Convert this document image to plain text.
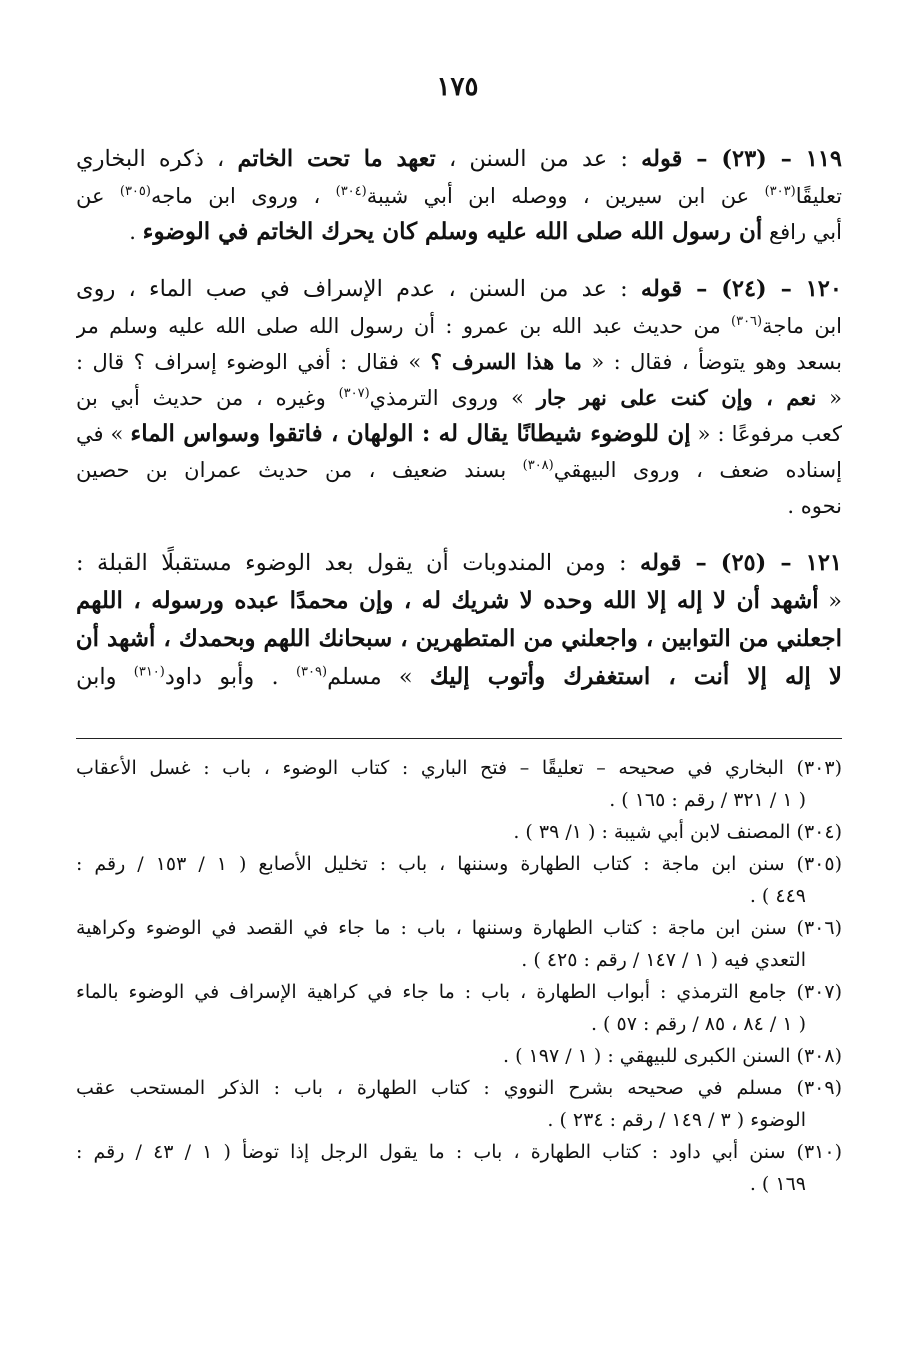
١٧٥
١١٩ – (٢٣) – قوله : عد من السنن ، تعهد ما تحت الخاتم ، ذكره البخاري
تعليقًا$^{(٣٠٣)}$ عن ابن سيرين ، ووصله ابن أبي شيبة$^{(٣٠٤)}$ ، وروى ابن ماجه$^{(٣٠٥)}$ عن
أبي رافع أن رسول الله صلى الله عليه وسلم كان يحرك الخاتم في الوضوء .
١٢٠ – (٢٤) – قوله : عد من السنن ، عدم الإسراف في صب الماء ، روى
ابن ماجة$^{(٣٠٦)}$ من حديث عبد الله بن عمرو : أن رسول الله صلى الله عليه وسلم مر
بسعد وهو يتوضأ ، فقال : « ما هذا السرف ؟ » فقال : أفي الوضوء إسراف ؟ قال :
« نعم ، وإن كنت على نهر جار » وروى الترمذي$^{(٣٠٧)}$ وغيره ، من حديث أبي بن
كعب مرفوعًا : « إن للوضوء شيطانًا يقال له : الولهان ، فاتقوا وسواس الماء » في
إسناده ضعف ، وروى البيهقي$^{(٣٠٨)}$ بسند ضعيف ، من حديث عمران بن حصين
نحوه .
١٢١ – (٢٥) – قوله : ومن المندوبات أن يقول بعد الوضوء مستقبلًا القبلة :
« أشهد أن لا إله إلا الله وحده لا شريك له ، وإن محمدًا عبده ورسوله ، اللهم
اجعلني من التوابين ، واجعلني من المتطهرين ، سبحانك اللهم وبحمدك ، أشهد أن
لا إله إلا أنت ، استغفرك وأتوب إليك » مسلم$^{(٣٠٩)}$ . وأبو داود$^{(٣١٠)}$ وابن
(٣٠٣) البخاري في صحيحه – تعليقًا – فتح الباري : كتاب الوضوء ، باب : غسل الأعقاب
( ١ / ٣٢١ / رقم : ١٦٥ ) .
(٣٠٤) المصنف لابن أبي شيبة : ( ١/ ٣٩ ) .
(٣٠٥) سنن ابن ماجة : كتاب الطهارة وسننها ، باب : تخليل الأصابع ( ١ / ١٥٣ / رقم :
٤٤٩ ) .
(٣٠٦) سنن ابن ماجة : كتاب الطهارة وسننها ، باب : ما جاء في القصد في الوضوء وكراهية
التعدي فيه ( ١ / ١٤٧ / رقم : ٤٢٥ ) .
(٣٠٧) جامع الترمذي : أبواب الطهارة ، باب : ما جاء في كراهية الإسراف في الوضوء بالماء
( ١ / ٨٤ ، ٨٥ / رقم : ٥٧ ) .
(٣٠٨) السنن الكبرى للبيهقي : ( ١ / ١٩٧ ) .
(٣٠٩) مسلم في صحيحه بشرح النووي : كتاب الطهارة ، باب : الذكر المستحب عقب
الوضوء ( ٣ / ١٤٩ / رقم : ٢٣٤ ) .
(٣١٠) سنن أبي داود : كتاب الطهارة ، باب : ما يقول الرجل إذا توضأ ( ١ / ٤٣ / رقم :
١٦٩ ) .
